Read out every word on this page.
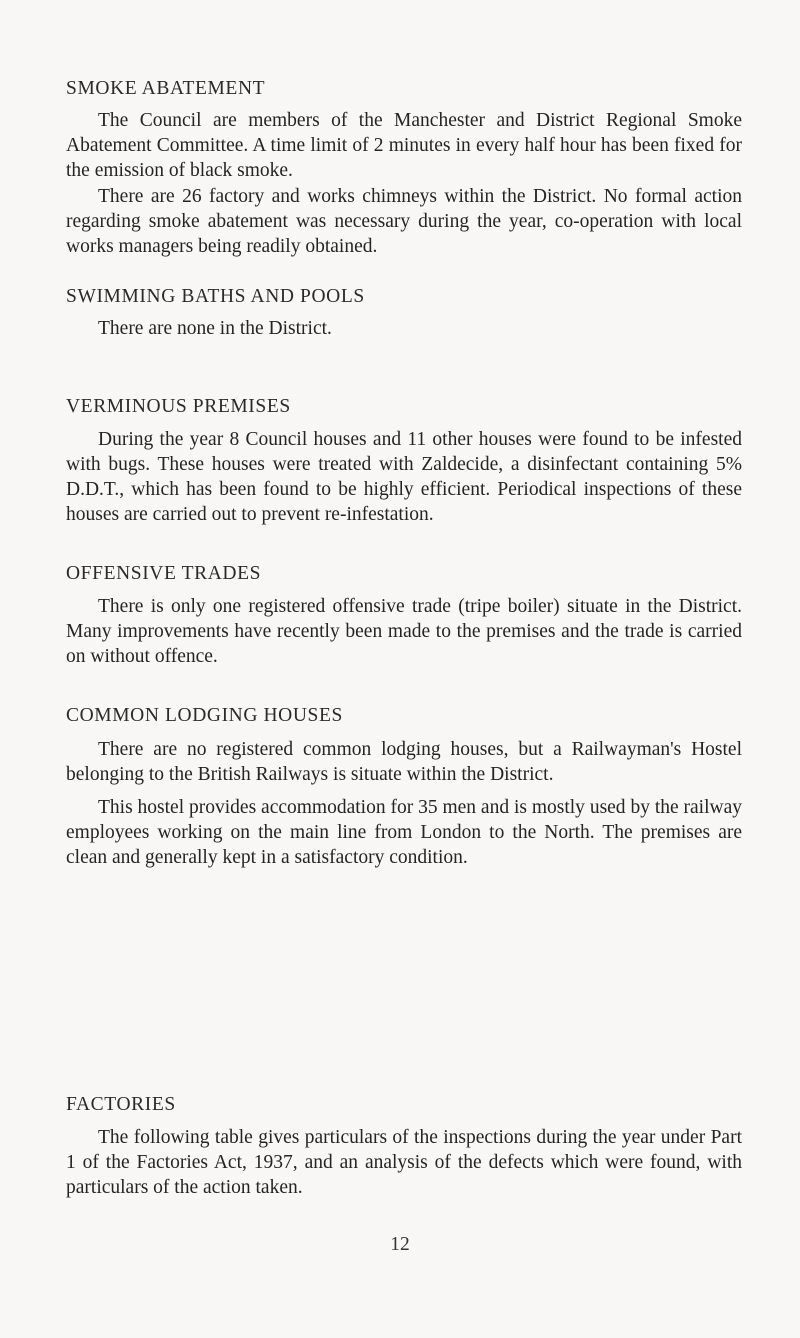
SMOKE ABATEMENT

The Council are members of the Manchester and District Regional Smoke Abatement Committee. A time limit of 2 minutes in every half hour has been fixed for the emission of black smoke.

There are 26 factory and works chimneys within the District. No formal action regarding smoke abatement was necessary during the year, co-operation with local works managers being readily obtained.

SWIMMING BATHS AND POOLS

There are none in the District.

VERMINOUS PREMISES

During the year 8 Council houses and 11 other houses were found to be infested with bugs. These houses were treated with Zaldecide, a disinfectant containing 5% D.D.T., which has been found to be highly efficient. Periodical inspections of these houses are carried out to prevent re-infestation.

OFFENSIVE TRADES

There is only one registered offensive trade (tripe boiler) situate in the District. Many improvements have recently been made to the premises and the trade is carried on without offence.

COMMON LODGING HOUSES

There are no registered common lodging houses, but a Railwayman's Hostel belonging to the British Railways is situate within the District.

This hostel provides accommodation for 35 men and is mostly used by the railway employees working on the main line from London to the North. The premises are clean and generally kept in a satisfactory condition.

FACTORIES

The following table gives particulars of the inspections during the year under Part 1 of the Factories Act, 1937, and an analysis of the defects which were found, with particulars of the action taken.

12
